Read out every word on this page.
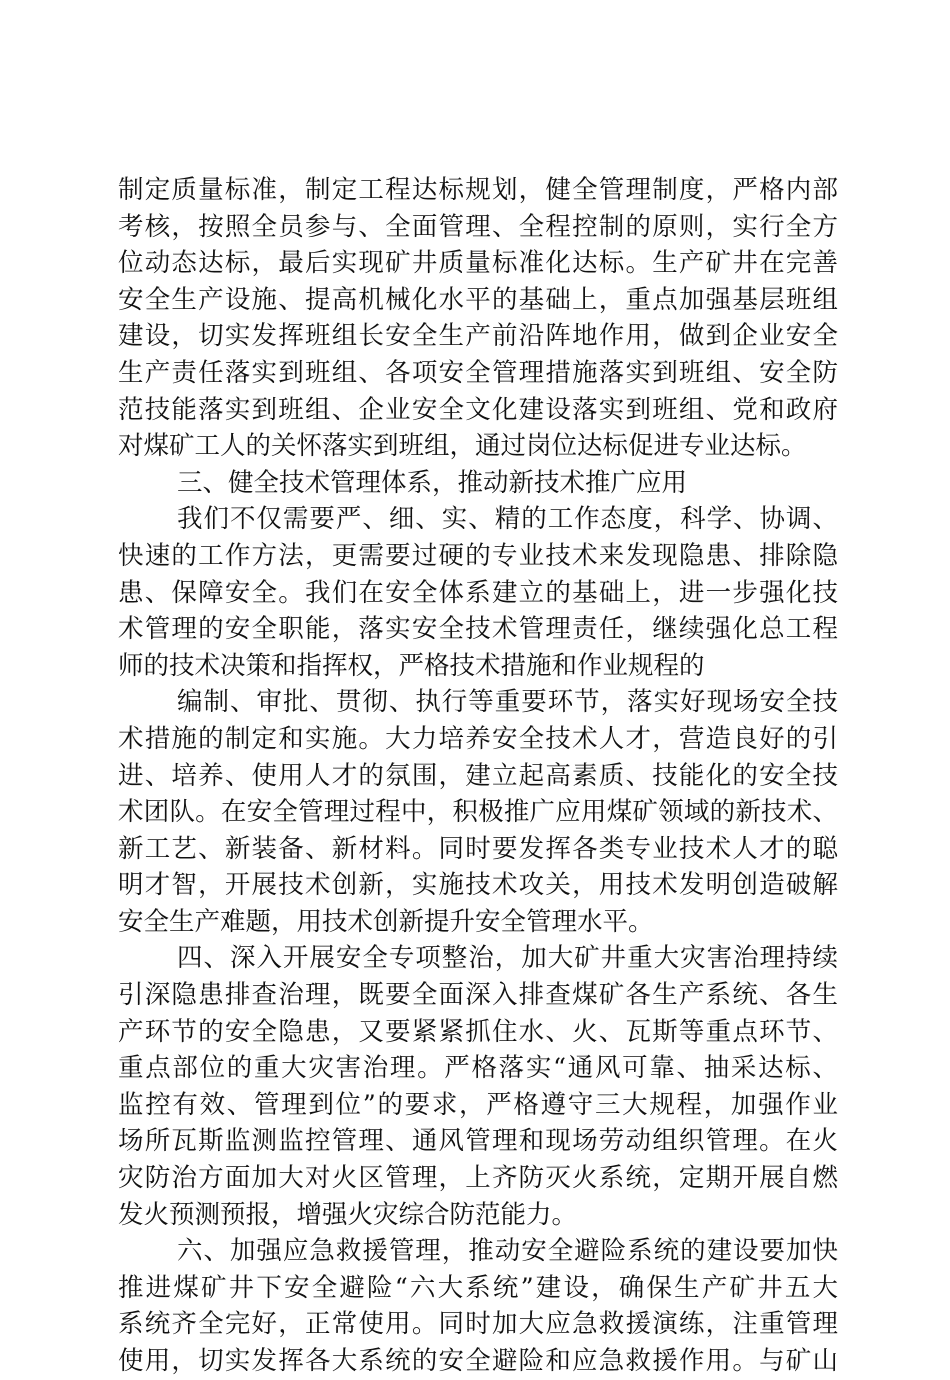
制定质量标准，制定工程达标规划，健全管理制度，严格内部
考核，按照全员参与、全面管理、全程控制的原则，实行全方
位动态达标，最后实现矿井质量标准化达标。生产矿井在完善
安全生产设施、提高机械化水平的基础上，重点加强基层班组
建设，切实发挥班组长安全生产前沿阵地作用，做到企业安全
生产责任落实到班组、各项安全管理措施落实到班组、安全防
范技能落实到班组、企业安全文化建设落实到班组、党和政府
对煤矿工人的关怀落实到班组，通过岗位达标促进专业达标。
三、健全技术管理体系，推动新技术推广应用
我们不仅需要严、细、实、精的工作态度，科学、协调、
快速的工作方法，更需要过硬的专业技术来发现隐患、排除隐
患、保障安全。我们在安全体系建立的基础上，进一步强化技
术管理的安全职能，落实安全技术管理责任，继续强化总工程
师的技术决策和指挥权，严格技术措施和作业规程的
编制、审批、贯彻、执行等重要环节，落实好现场安全技
术措施的制定和实施。大力培养安全技术人才，营造良好的引
进、培养、使用人才的氛围，建立起高素质、技能化的安全技
术团队。在安全管理过程中，积极推广应用煤矿领域的新技术、
新工艺、新装备、新材料。同时要发挥各类专业技术人才的聪
明才智，开展技术创新，实施技术攻关，用技术发明创造破解
安全生产难题，用技术创新提升安全管理水平。
四、深入开展安全专项整治，加大矿井重大灾害治理持续
引深隐患排查治理，既要全面深入排查煤矿各生产系统、各生
产环节的安全隐患，又要紧紧抓住水、火、瓦斯等重点环节、
重点部位的重大灾害治理。严格落实“通风可靠、抽采达标、
监控有效、管理到位”的要求，严格遵守三大规程，加强作业
场所瓦斯监测监控管理、通风管理和现场劳动组织管理。在火
灾防治方面加大对火区管理，上齐防灭火系统，定期开展自燃
发火预测预报，增强火灾综合防范能力。
六、加强应急救援管理，推动安全避险系统的建设要加快
推进煤矿井下安全避险“六大系统”建设，确保生产矿井五大
系统齐全完好，正常使用。同时加大应急救援演练，注重管理
使用，切实发挥各大系统的安全避险和应急救援作用。与矿山
